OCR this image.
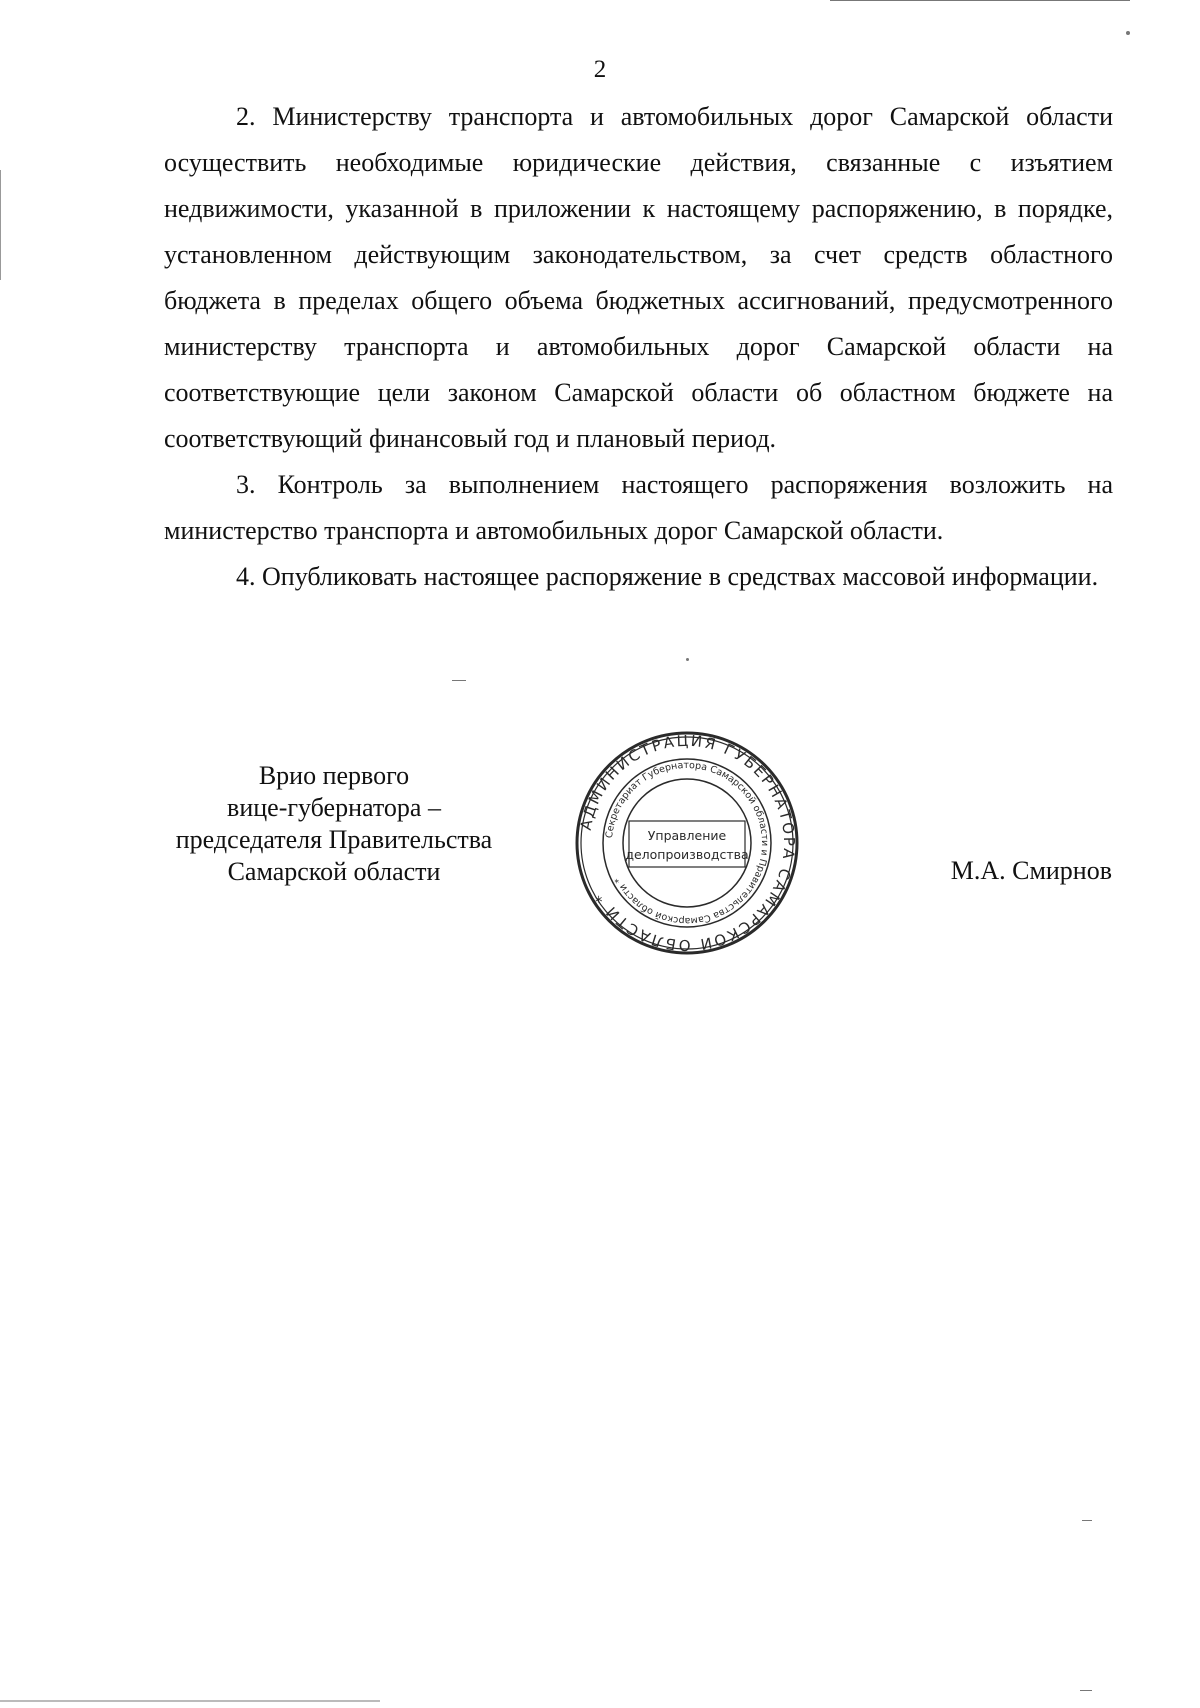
2

2. Министерству транспорта и автомобильных дорог Самарской области осуществить необходимые юридические действия, связанные с изъятием недвижимости, указанной в приложении к настоящему распоряжению, в порядке, установленном действующим законодательством, за счет средств областного бюджета в пределах общего объема бюджетных ассигнований, предусмотренного министерству транспорта и автомобильных дорог Самарской области на соответствующие цели законом Самарской области об областном бюджете на соответствующий финансовый год и плановый период.

3. Контроль за выполнением настоящего распоряжения возложить на министерство транспорта и автомобильных дорог Самарской области.

4. Опубликовать настоящее распоряжение в средствах массовой информации.

Врио первого
вице-губернатора –
председателя Правительства
Самарской области
АДМИНИСТРАЦИЯ ГУБЕРНАТОРА САМАРСКОЙ ОБЛАСТИ *
Секретариат Губернатора Самарской области и Правительства Самарской области *
Управление
делопроизводства
М.А. Смирнов
